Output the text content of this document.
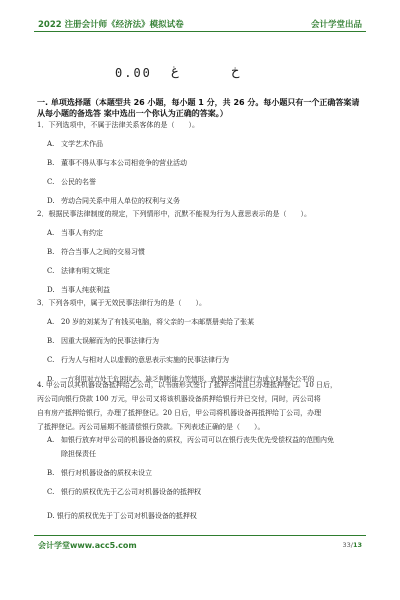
2022 注册会计师《经济法》模拟试卷	会计学堂出品
0.00 ﻍ	ﺥ
一. 单项选择题（本题型共 26 小题，每小题 1 分，共 26 分。每小题只有一个正确答案请从每小题的备选答 案中选出一个你认为正确的答案。）
1．下列选项中，不属于法律关系客体的是（　　）。
A. 文学艺术作品
B. 董事不得从事与本公司相竞争的营业活动
C. 公民的名誉
D. 劳动合同关系中用人单位的权利与义务
2．根据民事法律制度的规定，下列情形中，沉默不能视为行为人意思表示的是（　　）。
A. 当事人有约定
B. 符合当事人之间的交易习惯
C. 法律有明文规定
D. 当事人纯获利益
3．下列各项中，属于无效民事法律行为的是（　　）。
A. 20 岁的刘某为了有钱买电脑，将父亲的一本邮票册卖给了张某
B. 因重大误解而为的民事法律行为
C. 行为人与相对人以虚假的意思表示实施的民事法律行为
D. 一方利用对方处于危困状态、缺乏判断能力等情形，致使民事法律行为成立时显失公平的
4. 甲公司以其机器设备抵押给乙公司，以书面形式签订了抵押合同且已办理抵押登记。10 日后，
丙公司向银行贷款 100 万元，甲公司又将该机器设备质押给银行并已交付，同时，丙公司将
自有房产抵押给银行，办理了抵押登记。20 日后，甲公司将机器设备再抵押给丁公司，办理
了抵押登记。丙公司届期不能清偿银行贷款。下列表述正确的是（　　）。
A. 如银行放弃对甲公司的机器设备的质权，丙公司可以在银行丧失优先受偿权益的范围内免
除担保责任
B. 银行对机器设备的质权未设立
C. 银行的质权优先于乙公司对机器设备的抵押权
D. 银行的质权优先于丁公司对机器设备的抵押权
会计学堂www.acc5.com	33/13
